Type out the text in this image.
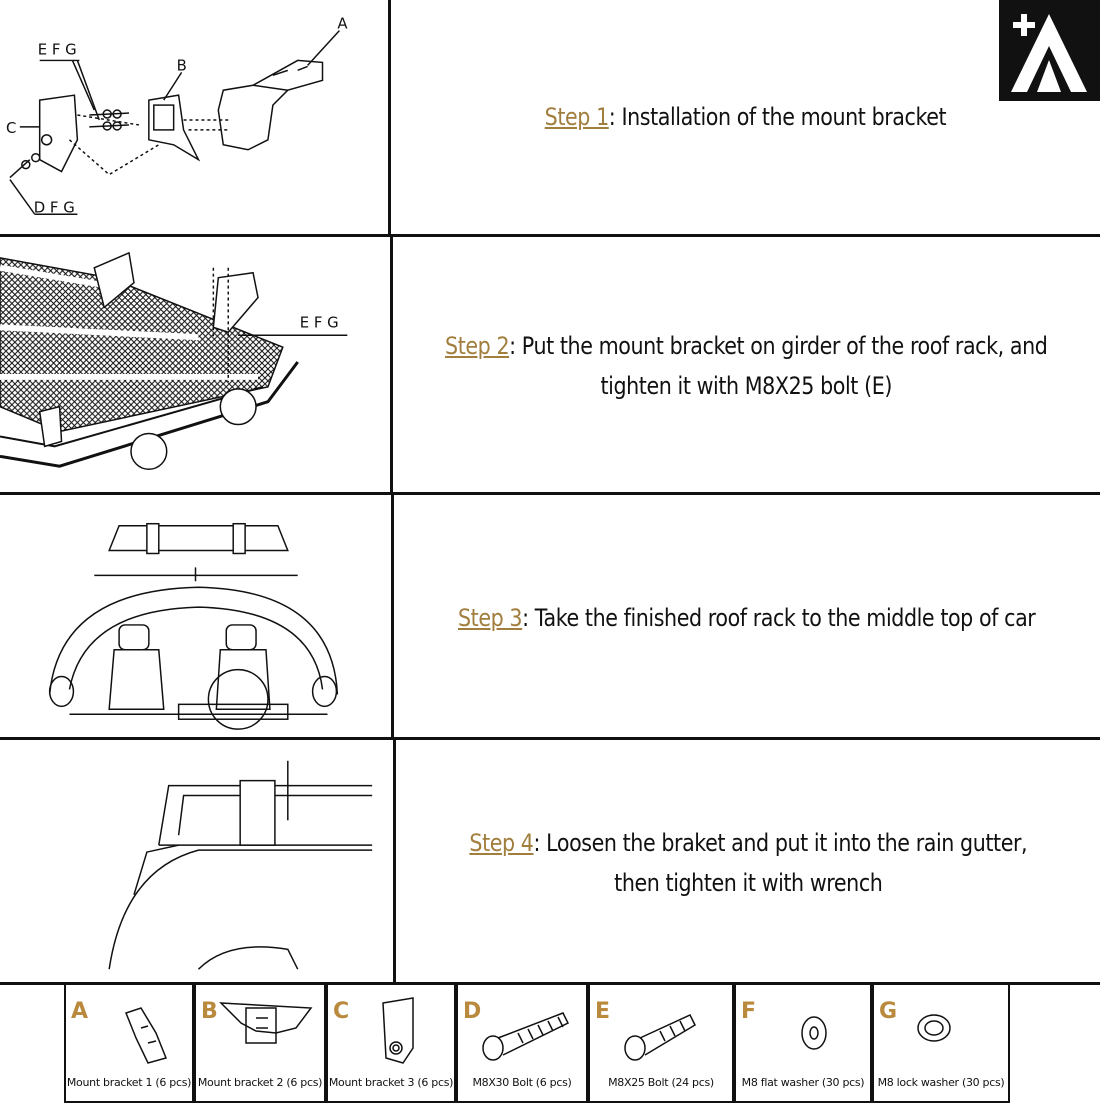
A
B
C
E F G
D F G
Step 1: Installation of the mount bracket
E F G
Step 2: Put the mount bracket on girder of the roof rack, and
tighten it with M8X25 bolt (E)
Step 3: Take the finished roof rack to the middle top of car
Step 4: Loosen the braket and put it into the rain gutter,
then tighten it with wrench
A
Mount bracket 1 (6 pcs)
B
Mount bracket 2 (6 pcs)
C
Mount bracket 3 (6 pcs)
D
M8X30 Bolt (6 pcs)
E
M8X25 Bolt (24 pcs)
F
M8 flat washer (30 pcs)
G
M8 lock washer (30 pcs)
